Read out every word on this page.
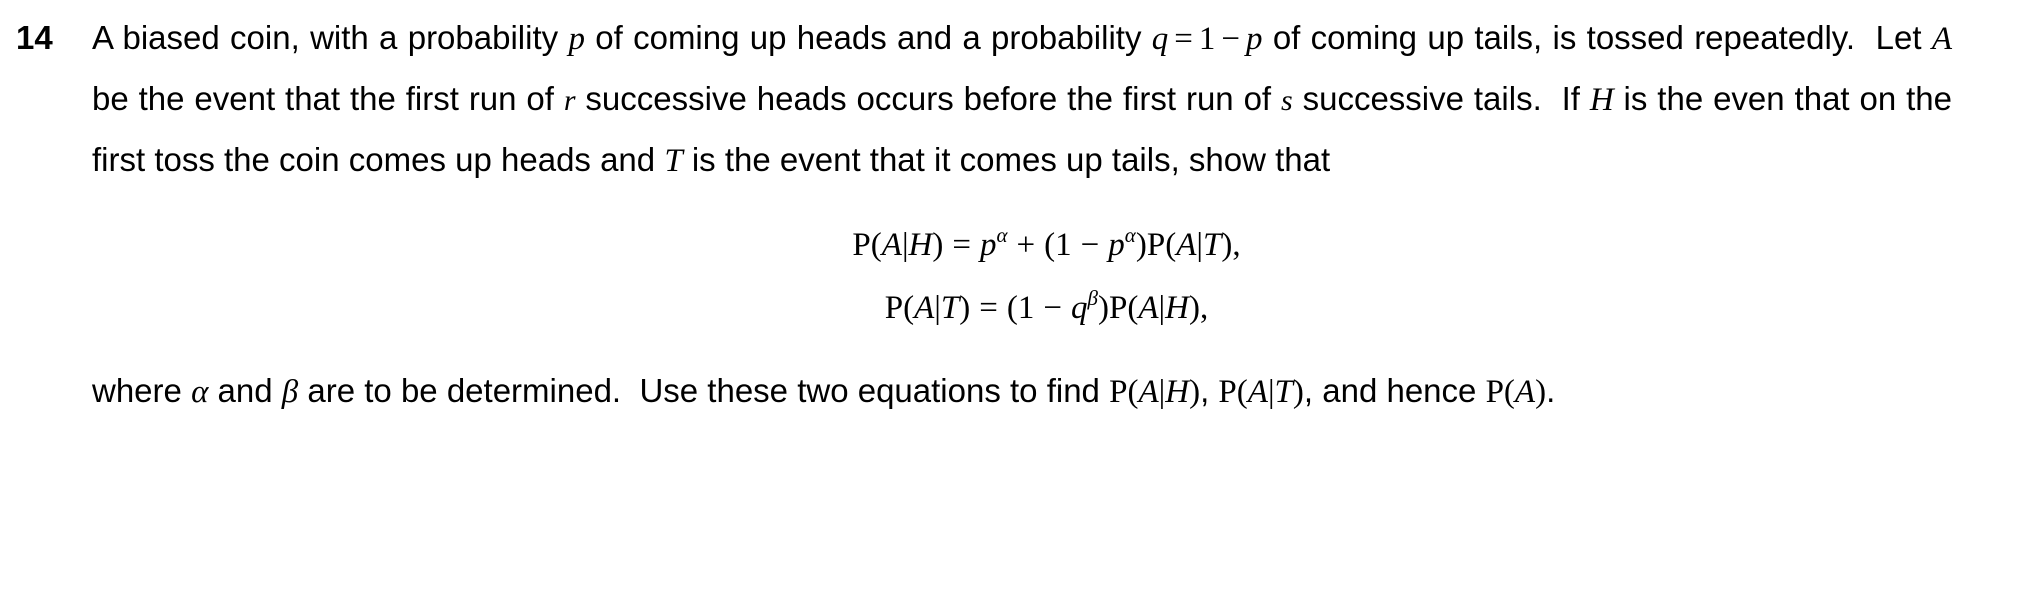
14	A biased coin, with a probability p of coming up heads and a probability q = 1 − p of coming up tails, is tossed repeatedly. Let A be the event that the first run of r successive heads occurs before the first run of s successive tails. If H is the even that on the first toss the coin comes up heads and T is the event that it comes up tails, show that
$P(A|H) = p^\alpha + (1 - p^\alpha)P(A|T)$,
$P(A|T) = (1 - q^\beta)P(A|H)$,
where α and β are to be determined. Use these two equations to find P(A|H), P(A|T), and hence P(A).
